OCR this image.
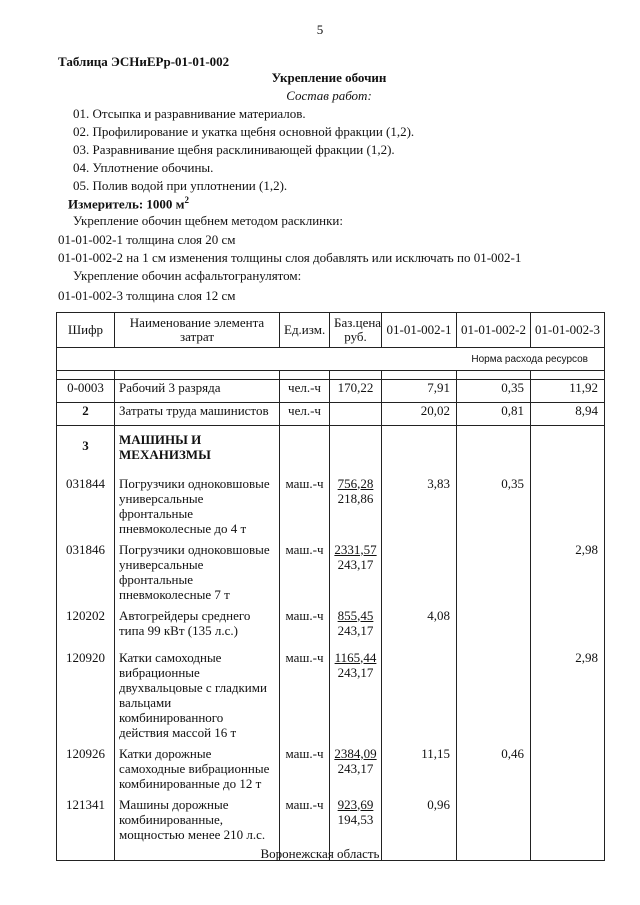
5
Таблица ЭСНиЕРр-01-01-002
Укрепление обочин
Состав работ:
01. Отсыпка и разравнивание материалов.
02. Профилирование и укатка щебня основной фракции (1,2).
03. Разравнивание щебня расклинивающей фракции (1,2).
04. Уплотнение обочины.
05. Полив водой при уплотнении (1,2).
Измеритель: 1000 $м^2$
Укрепление обочин щебнем методом расклинки:
01-01-002-1 толщина слоя 20 см
01-01-002-2 на 1 см изменения толщины слоя добавлять или исключать по 01-002-1
Укрепление обочин асфальтогранулятом:
01-01-002-3 толщина слоя 12 см
Шифр	Наименование элемента затрат	Ед.изм.	Баз.цена руб.	01-01-002-1	01-01-002-2	01-01-002-3
Норма расхода ресурсов						

0-0003	Рабочий 3 разряда	чел.-ч	170,22	7,91	0,35	11,92
2	Затраты труда машинистов	чел.-ч		20,02	0,81	8,94
3	МАШИНЫ И МЕХАНИЗМЫ					
031844	Погрузчики одноковшовые универсальные фронтальные пневмоколесные до 4 т	маш.-ч	756,28
218,86	3,83	0,35	
031846	Погрузчики одноковшовые универсальные фронтальные пневмоколесные 7 т	маш.-ч	2331,57
243,17			2,98
120202	Автогрейдеры среднего типа 99 кВт (135 л.с.)	маш.-ч	855,45
243,17	4,08		
120920	Катки самоходные вибрационные двухвальцовые с гладкими вальцами комбинированного действия массой 16 т	маш.-ч	1165,44
243,17			2,98
120926	Катки дорожные самоходные вибрационные комбинированные до 12 т	маш.-ч	2384,09
243,17	11,15	0,46	
121341	Машины дорожные комбинированные, мощностью менее 210 л.с.	маш.-ч	923,69
194,53	0,96		
Воронежская область
